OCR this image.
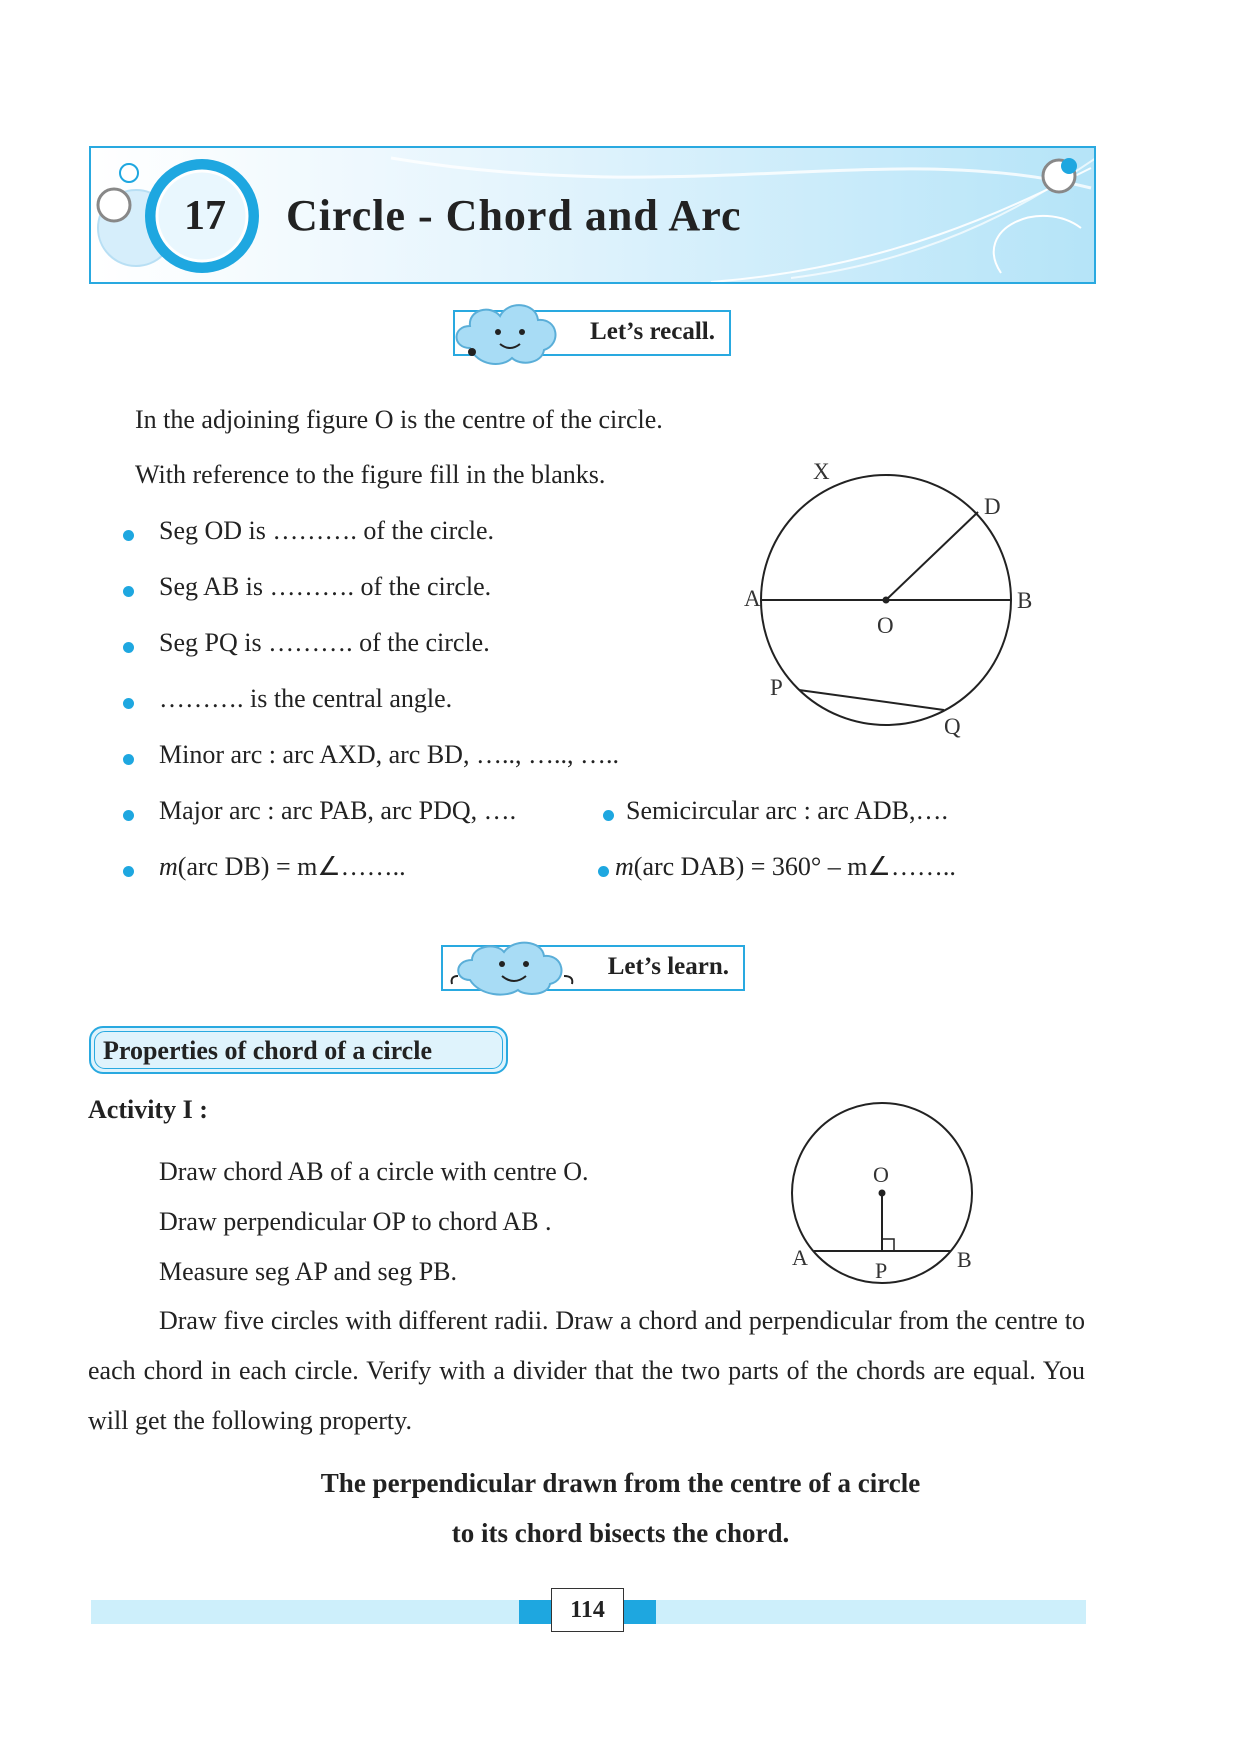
17	Circle - Chord and Arc
Let’s recall.

In the adjoining figure O is the centre of the circle.

With reference to the figure fill in the blanks.

Seg OD is ………. of the circle.

Seg AB is ………. of the circle.

Seg PQ is ………. of the circle.

………. is the central angle.

Minor arc : arc AXD, arc BD, ….., ….., …..

Major arc : arc PAB, arc PDQ, ….	Semicircular arc : arc ADB,….

m(arc DB) = m∠……..	m(arc DAB) = 360° – m∠……..

X
D
A	B
O
P
Q
Let’s learn.
Properties of chord of a circle

Activity I :

Draw chord AB of a circle with centre O.

Draw perpendicular OP to chord AB .

Measure seg AP and seg PB.

O
A
P	B

Draw five circles with different radii. Draw a chord and perpendicular from the centre to each chord in each circle. Verify with a divider that the two parts of the chords are equal. You will get the following property.

The perpendicular drawn from the centre of a circle
to its chord bisects the chord.
114
